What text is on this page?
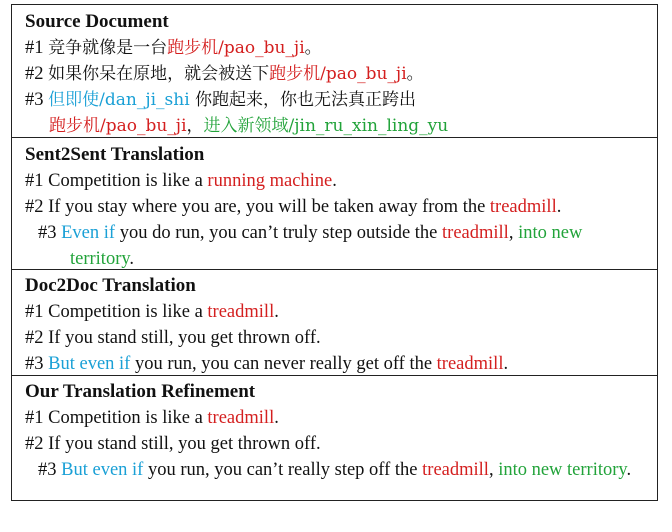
Source Document
#1 竞争就像是一台跑步机/pao_bu_ji。
#2 如果你呆在原地，就会被送下跑步机/pao_bu_ji。
#3 但即使/dan_ji_shi 你跑起来，你也无法真正跨出
跑步机/pao_bu_ji，进入新领域/jin_ru_xin_ling_yu
Sent2Sent Translation
#1 Competition is like a running machine.
#2 If you stay where you are, you will be taken away from the treadmill.
#3 Even if you do run, you can’t truly step outside the treadmill, into new territory.
Doc2Doc Translation
#1 Competition is like a treadmill.
#2 If you stand still, you get thrown off.
#3 But even if you run, you can never really get off the treadmill.
Our Translation Refinement
#1 Competition is like a treadmill.
#2 If you stand still, you get thrown off.
#3 But even if you run, you can’t really step off the treadmill, into new territory.
